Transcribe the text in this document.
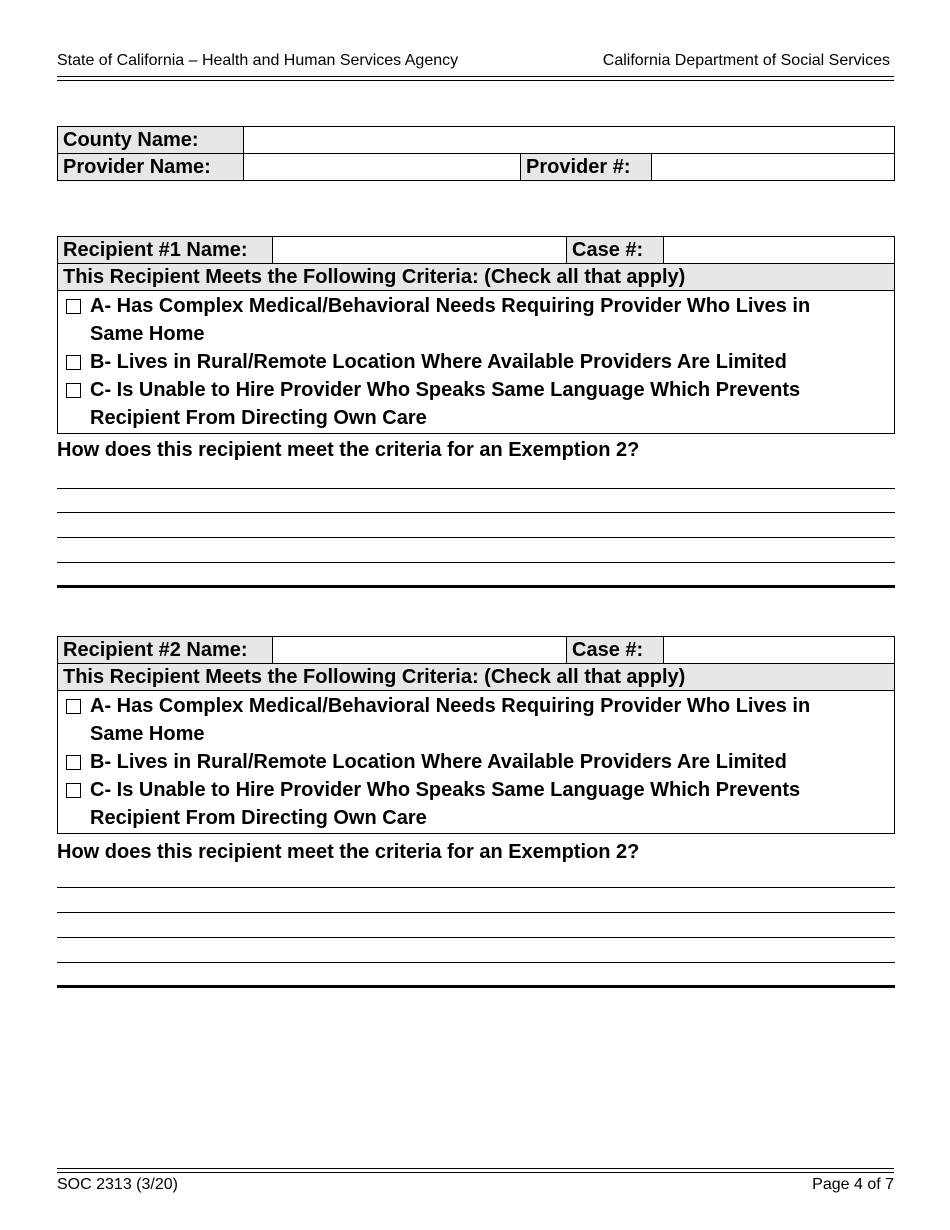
State of California – Health and Human Services Agency	California Department of Social Services
County Name:			
Provider Name:		Provider #:	
Recipient #1 Name:		Case #:	
This Recipient Meets the Following Criteria: (Check all that apply)

A- Has Complex Medical/Behavioral Needs Requiring Provider Who Lives in
Same Home
B- Lives in Rural/Remote Location Where Available Providers Are Limited
C- Is Unable to Hire Provider Who Speaks Same Language Which Prevents
Recipient From Directing Own Care
How does this recipient meet the criteria for an Exemption 2?
Recipient #2 Name:		Case #:	
This Recipient Meets the Following Criteria: (Check all that apply)

A- Has Complex Medical/Behavioral Needs Requiring Provider Who Lives in
Same Home
B- Lives in Rural/Remote Location Where Available Providers Are Limited
C- Is Unable to Hire Provider Who Speaks Same Language Which Prevents
Recipient From Directing Own Care
How does this recipient meet the criteria for an Exemption 2?
SOC 2313 (3/20)	Page 4 of 7
